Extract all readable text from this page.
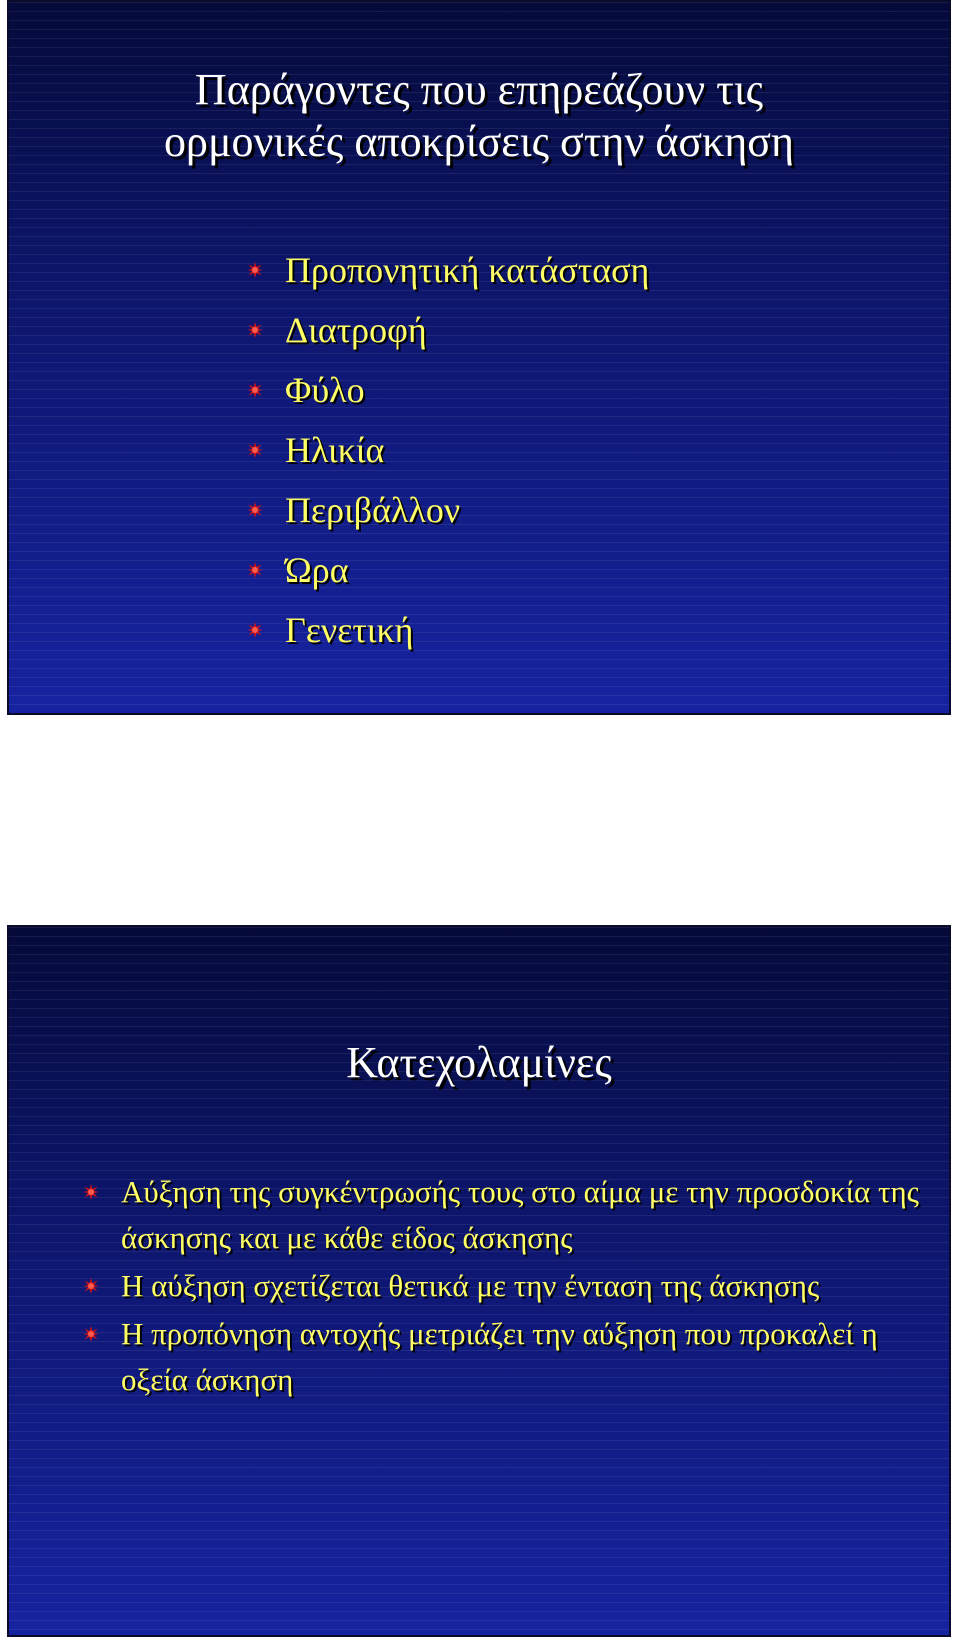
Παράγοντες που επηρεάζουν τις
ορμονικές αποκρίσεις στην άσκηση
Προπονητική κατάσταση
Διατροφή
Φύλο
Ηλικία
Περιβάλλον
Ώρα
Γενετική
Κατεχολαμίνες
Αύξηση της συγκέντρωσής τους στο αίμα με την προσδοκία της άσκησης και με κάθε είδος άσκησης
Η αύξηση σχετίζεται θετικά με την ένταση της άσκησης
Η προπόνηση αντοχής μετριάζει την αύξηση που προκαλεί η οξεία άσκηση
